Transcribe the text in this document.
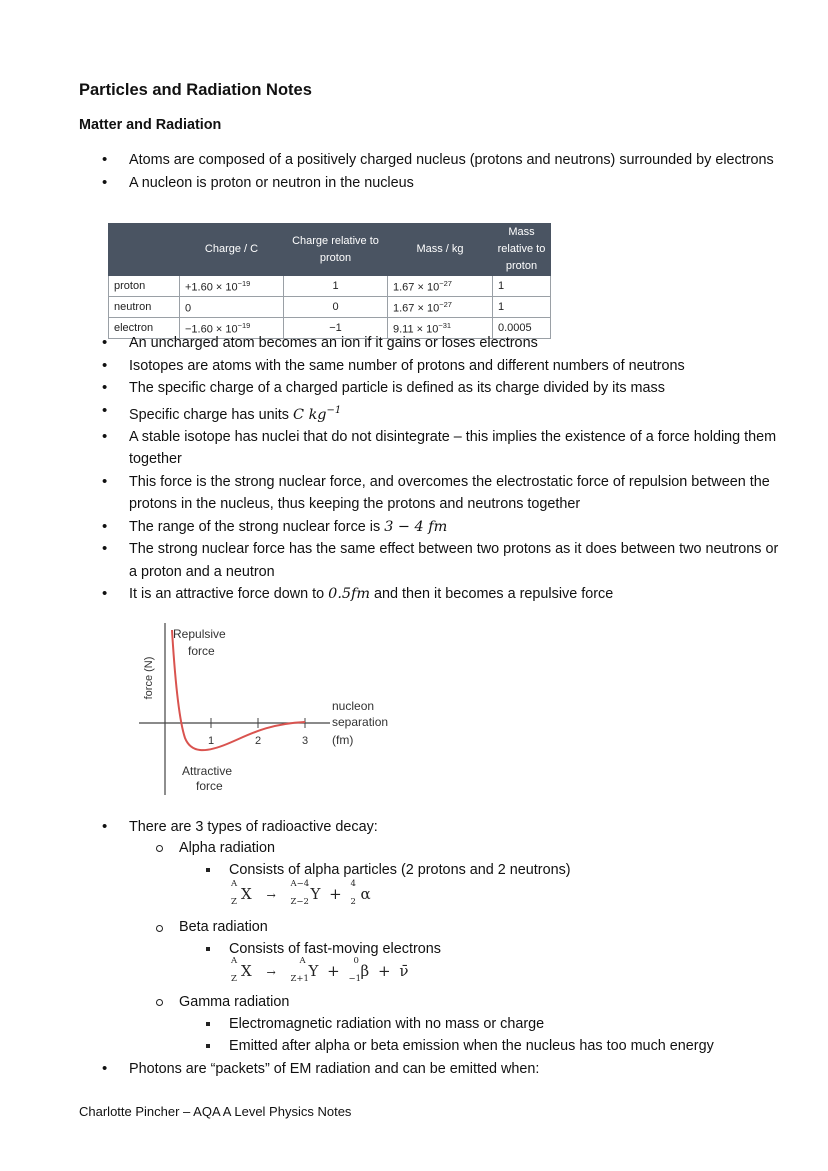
Particles and Radiation Notes
Matter and Radiation
• Atoms are composed of a positively charged nucleus (protons and neutrons) surrounded by electrons
• A nucleon is proton or neutron in the nucleus
	Charge / C	Charge relative to proton	Mass / kg	Mass relative to proton
proton	$+1.60 \times 10^{-19}$	1	$1.67 \times 10^{-27}$	1
neutron	0	0	$1.67 \times 10^{-27}$	1
electron	$-1.60 \times 10^{-19}$	−1	$9.11 \times 10^{-31}$	0.0005
• An uncharged atom becomes an ion if it gains or loses electrons
• Isotopes are atoms with the same number of protons and different numbers of neutrons
• The specific charge of a charged particle is defined as its charge divided by its mass
• Specific charge has units C $kg^{-1}$
• A stable isotope has nuclei that do not disintegrate – this implies the existence of a force holding them together
• This force is the strong nuclear force, and overcomes the electrostatic force of repulsion between the protons in the nucleus, thus keeping the protons and neutrons together
• The range of the strong nuclear force is 3 − 4 fm
• The strong nuclear force has the same effect between two protons as it does between two neutrons or a proton and a neutron
• It is an attractive force down to 0.5fm and then it becomes a repulsive force
1	2	3
force (N)
Repulsive
force
nucleon
separation
(fm)
Attractive
force
• There are 3 types of radioactive decay:
Alpha radiation
Consists of alpha particles (2 protons and 2 neutrons)
A
Z X →
A−4
Z−2 Y +
4
2 α
Beta radiation
Consists of fast-moving electrons
A
Z X →
A
Z+1 Y +
0
−1 β + ν̄
Gamma radiation
Electromagnetic radiation with no mass or charge
Emitted after alpha or beta emission when the nucleus has too much energy
• Photons are “packets” of EM radiation and can be emitted when:
Charlotte Pincher – AQA A Level Physics Notes
